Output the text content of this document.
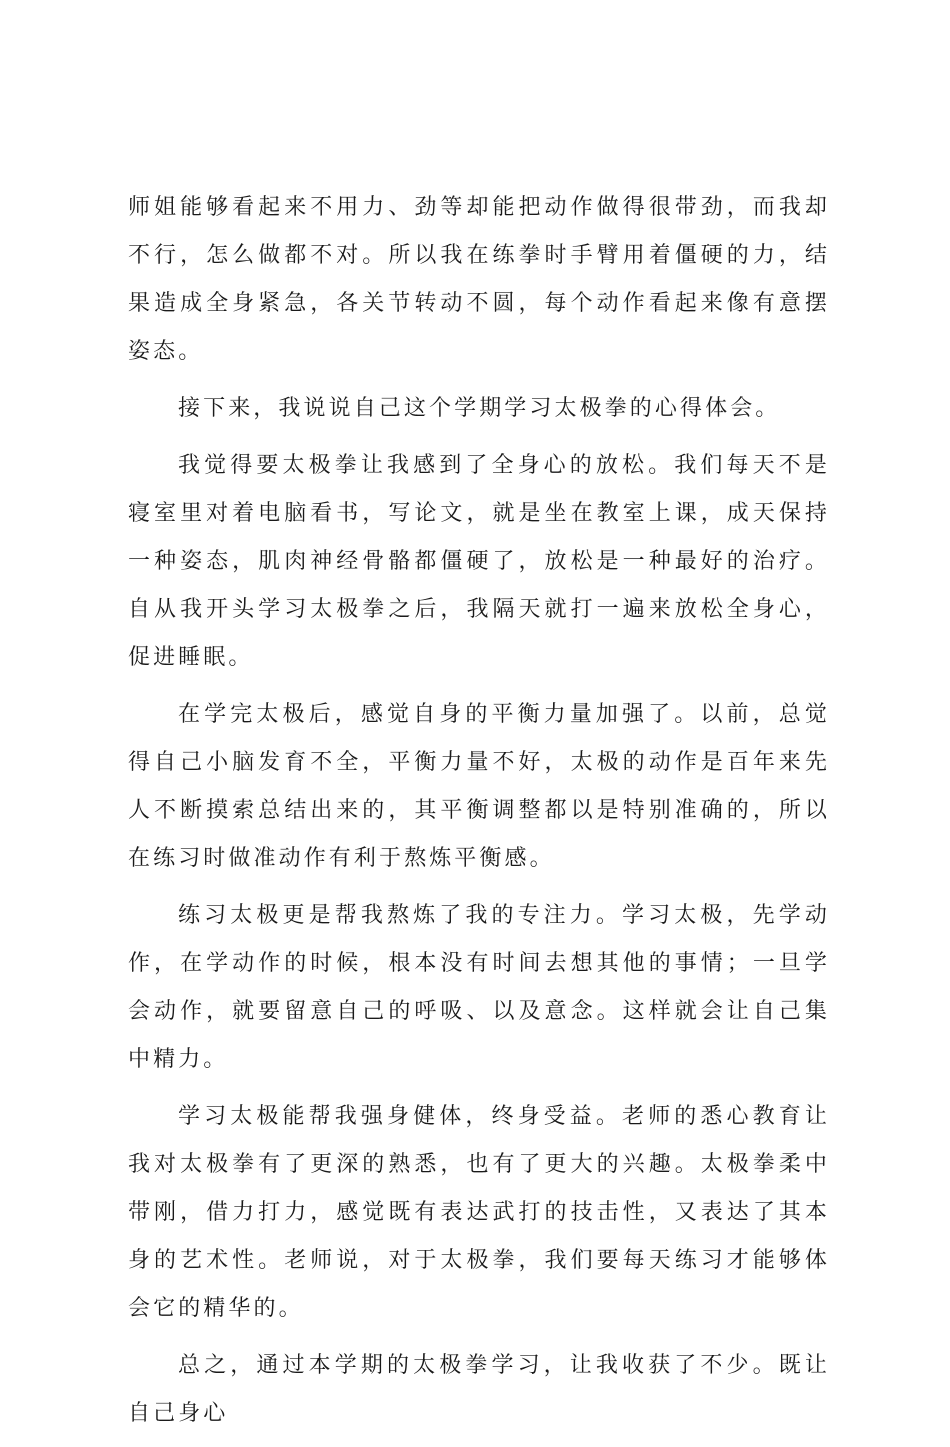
师姐能够看起来不用力、劲等却能把动作做得很带劲，而我却不行，怎么做都不对。所以我在练拳时手臂用着僵硬的力，结果造成全身紧急，各关节转动不圆，每个动作看起来像有意摆姿态。

接下来，我说说自己这个学期学习太极拳的心得体会。

我觉得要太极拳让我感到了全身心的放松。我们每天不是寝室里对着电脑看书，写论文，就是坐在教室上课，成天保持一种姿态，肌肉神经骨骼都僵硬了，放松是一种最好的治疗。自从我开头学习太极拳之后，我隔天就打一遍来放松全身心，促进睡眠。

在学完太极后，感觉自身的平衡力量加强了。以前，总觉得自己小脑发育不全，平衡力量不好，太极的动作是百年来先人不断摸索总结出来的，其平衡调整都以是特别准确的，所以在练习时做准动作有利于熬炼平衡感。

练习太极更是帮我熬炼了我的专注力。学习太极，先学动作，在学动作的时候，根本没有时间去想其他的事情；一旦学会动作，就要留意自己的呼吸、以及意念。这样就会让自己集中精力。

学习太极能帮我强身健体，终身受益。老师的悉心教育让我对太极拳有了更深的熟悉，也有了更大的兴趣。太极拳柔中带刚，借力打力，感觉既有表达武打的技击性，又表达了其本身的艺术性。老师说，对于太极拳，我们要每天练习才能够体会它的精华的。

总之，通过本学期的太极拳学习，让我收获了不少。既让自己身心
